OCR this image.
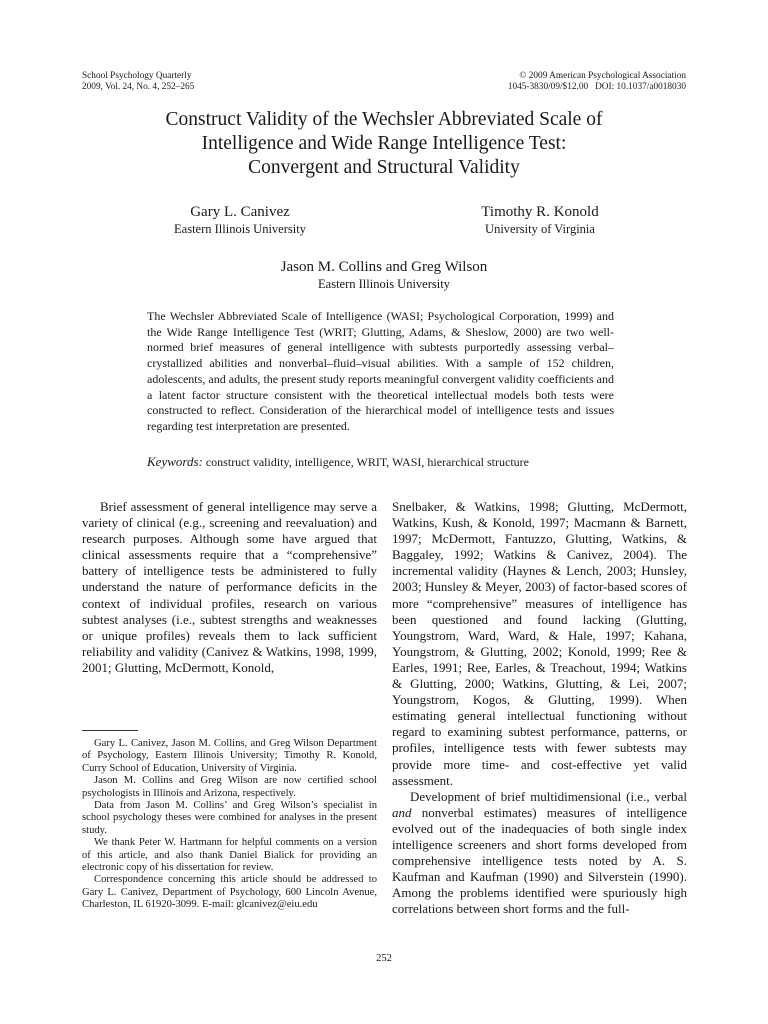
School Psychology Quarterly
2009, Vol. 24, No. 4, 252–265
© 2009 American Psychological Association
1045-3830/09/$12.00   DOI: 10.1037/a0018030
Construct Validity of the Wechsler Abbreviated Scale of
Intelligence and Wide Range Intelligence Test:
Convergent and Structural Validity
Gary L. Canivez
Eastern Illinois University
Timothy R. Konold
University of Virginia
Jason M. Collins and Greg Wilson
Eastern Illinois University
The Wechsler Abbreviated Scale of Intelligence (WASI; Psychological Corporation, 1999) and the Wide Range Intelligence Test (WRIT; Glutting, Adams, & Sheslow, 2000) are two well-normed brief measures of general intelligence with subtests purportedly assessing verbal–crystallized abilities and nonverbal–fluid–visual abilities. With a sample of 152 children, adolescents, and adults, the present study reports meaningful convergent validity coefficients and a latent factor structure consistent with the theoretical intellectual models both tests were constructed to reflect. Consideration of the hierarchical model of intelligence tests and issues regarding test interpretation are presented.
Keywords: construct validity, intelligence, WRIT, WASI, hierarchical structure

Brief assessment of general intelligence may serve a variety of clinical (e.g., screening and reevaluation) and research purposes. Although some have argued that clinical assessments require that a “comprehensive” battery of intelligence tests be administered to fully understand the nature of performance deficits in the context of individual profiles, research on various subtest analyses (i.e., subtest strengths and weaknesses or unique profiles) reveals them to lack sufficient reliability and validity (Canivez & Watkins, 1998, 1999, 2001; Glutting, McDermott, Konold,

Gary L. Canivez, Jason M. Collins, and Greg Wilson Department of Psychology, Eastern Illinois University; Timothy R. Konold, Curry School of Education, University of Virginia.

Jason M. Collins and Greg Wilson are now certified school psychologists in Illinois and Arizona, respectively.

Data from Jason M. Collins’ and Greg Wilson’s specialist in school psychology theses were combined for analyses in the present study.

We thank Peter W. Hartmann for helpful comments on a version of this article, and also thank Daniel Bialick for providing an electronic copy of his dissertation for review.

Correspondence concerning this article should be addressed to Gary L. Canivez, Department of Psychology, 600 Lincoln Avenue, Charleston, IL 61920-3099. E-mail: glcanivez@eiu.edu

Snelbaker, & Watkins, 1998; Glutting, McDermott, Watkins, Kush, & Konold, 1997; Macmann & Barnett, 1997; McDermott, Fantuzzo, Glutting, Watkins, & Baggaley, 1992; Watkins & Canivez, 2004). The incremental validity (Haynes & Lench, 2003; Hunsley, 2003; Hunsley & Meyer, 2003) of factor-based scores of more “comprehensive” measures of intelligence has been questioned and found lacking (Glutting, Youngstrom, Ward, Ward, & Hale, 1997; Kahana, Youngstrom, & Glutting, 2002; Konold, 1999; Ree & Earles, 1991; Ree, Earles, & Treachout, 1994; Watkins & Glutting, 2000; Watkins, Glutting, & Lei, 2007; Youngstrom, Kogos, & Glutting, 1999). When estimating general intellectual functioning without regard to examining subtest performance, patterns, or profiles, intelligence tests with fewer subtests may provide more time- and cost-effective yet valid assessment.

Development of brief multidimensional (i.e., verbal and nonverbal estimates) measures of intelligence evolved out of the inadequacies of both single index intelligence screeners and short forms developed from comprehensive intelligence tests noted by A. S. Kaufman and Kaufman (1990) and Silverstein (1990). Among the problems identified were spuriously high correlations between short forms and the full-

252
